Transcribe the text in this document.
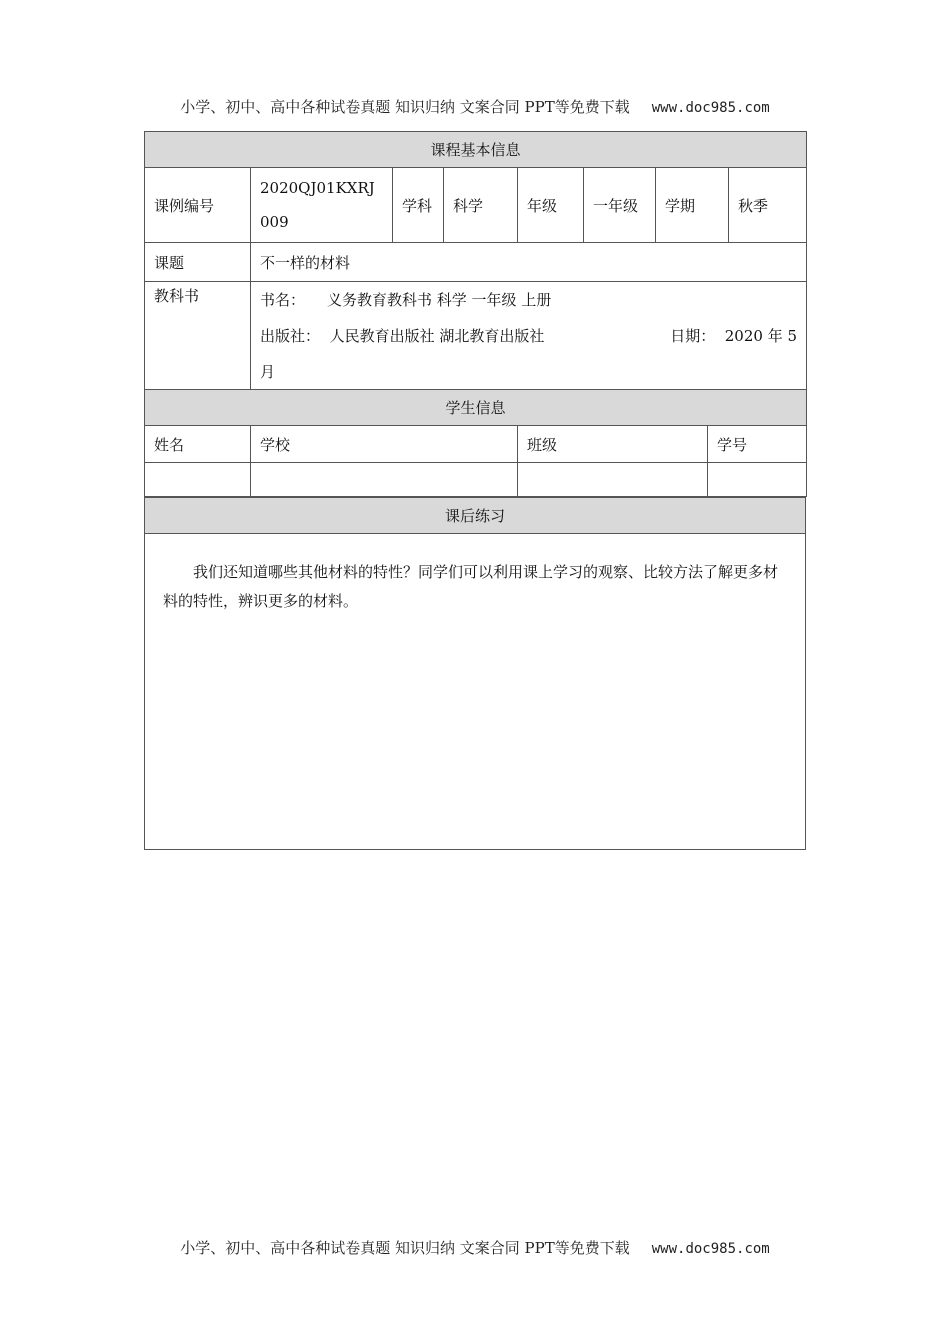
小学、初中、高中各种试卷真题 知识归纳 文案合同 PPT等免费下载 www.doc985.com
课程基本信息							
课例编号	2020QJ01KXRJ009	学科	科学	年级	一年级	学期	秋季
课题	不一样的材料						
教科书	书名： 义务教育教科书 科学 一年级 上册
出版社： 人民教育出版社 湖北教育出版社 日期： 2020 年 5
月						
学生信息			
姓名	学校	班级	学号

课后练习
我们还知道哪些其他材料的特性？同学们可以利用课上学习的观察、比较方法了解更多材料的特性，辨识更多的材料。
小学、初中、高中各种试卷真题 知识归纳 文案合同 PPT等免费下载 www.doc985.com
